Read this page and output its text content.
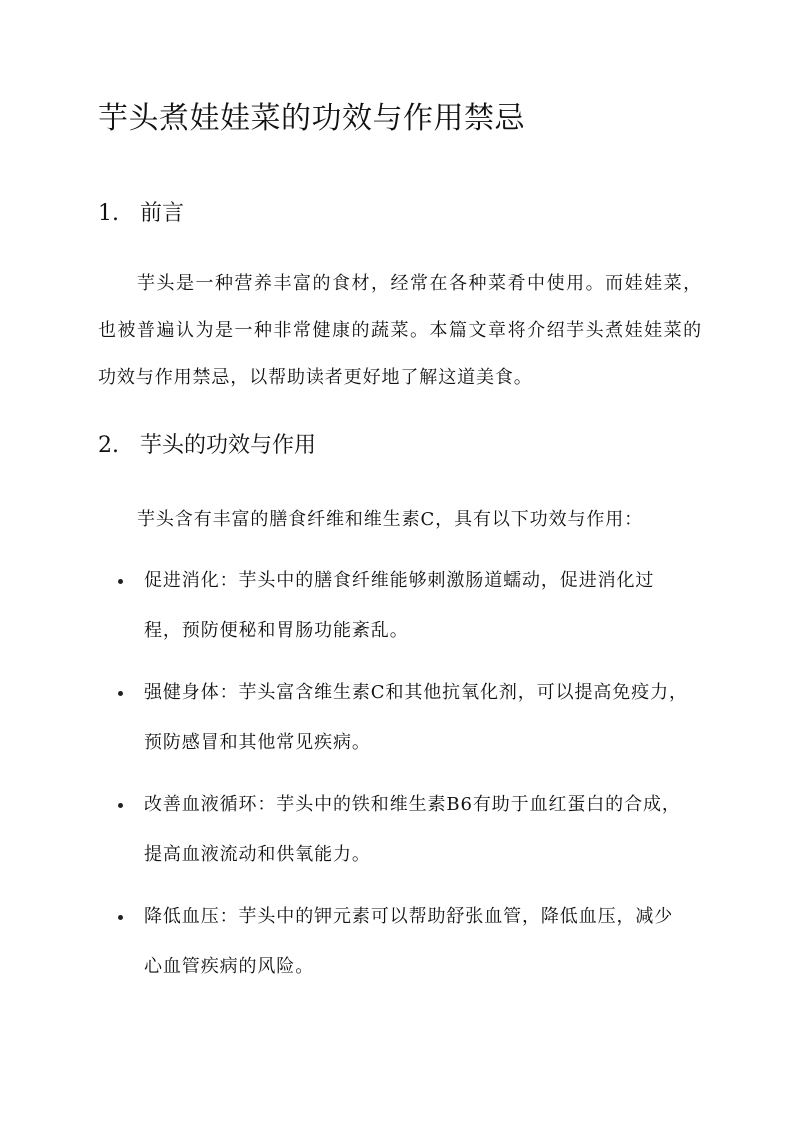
芋头煮娃娃菜的功效与作用禁忌
1. 前言

芋头是一种营养丰富的食材，经常在各种菜肴中使用。而娃娃菜，也被普遍认为是一种非常健康的蔬菜。本篇文章将介绍芋头煮娃娃菜的功效与作用禁忌，以帮助读者更好地了解这道美食。

2. 芋头的功效与作用

芋头含有丰富的膳食纤维和维生素C，具有以下功效与作用：

促进消化：芋头中的膳食纤维能够刺激肠道蠕动，促进消化过程，预防便秘和胃肠功能紊乱。
强健身体：芋头富含维生素C和其他抗氧化剂，可以提高免疫力，预防感冒和其他常见疾病。
改善血液循环：芋头中的铁和维生素B6有助于血红蛋白的合成，提高血液流动和供氧能力。
降低血压：芋头中的钾元素可以帮助舒张血管，降低血压，减少心血管疾病的风险。
